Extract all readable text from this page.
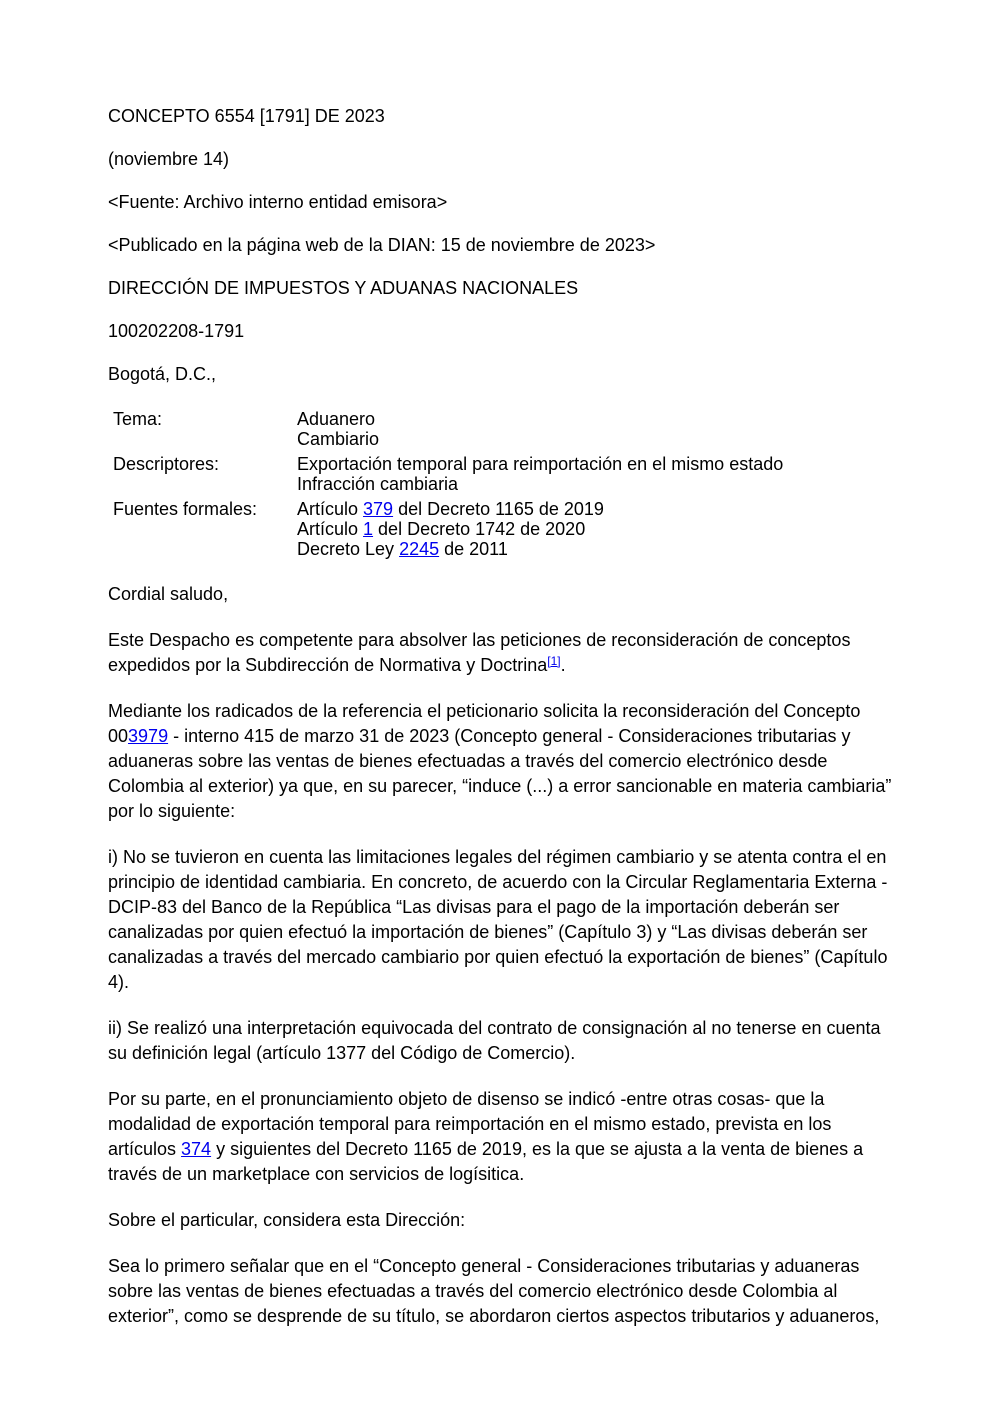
CONCEPTO 6554 [1791] DE 2023
(noviembre 14)
<Fuente: Archivo interno entidad emisora>
<Publicado en la página web de la DIAN: 15 de noviembre de 2023>
DIRECCIÓN DE IMPUESTOS Y ADUANAS NACIONALES
100202208-1791
Bogotá, D.C.,
Tema:	Aduanero
Cambiario

Descriptores:	Exportación temporal para reimportación en el mismo estado
Infracción cambiaria

Fuentes formales:	Artículo 379 del Decreto 1165 de 2019
Artículo 1 del Decreto 1742 de 2020
Decreto Ley 2245 de 2011

Cordial saludo,

Este Despacho es competente para absolver las peticiones de reconsideración de conceptos expedidos por la Subdirección de Normativa y Doctrina[1].

Mediante los radicados de la referencia el peticionario solicita la reconsideración del Concepto 003979 - interno 415 de marzo 31 de 2023 (Concepto general - Consideraciones tributarias y aduaneras sobre las ventas de bienes efectuadas a través del comercio electrónico desde Colombia al exterior) ya que, en su parecer, “induce (...) a error sancionable en materia cambiaria” por lo siguiente:

i) No se tuvieron en cuenta las limitaciones legales del régimen cambiario y se atenta contra el en principio de identidad cambiaria. En concreto, de acuerdo con la Circular Reglamentaria Externa - DCIP-83 del Banco de la República “Las divisas para el pago de la importación deberán ser canalizadas por quien efectuó la importación de bienes” (Capítulo 3) y “Las divisas deberán ser canalizadas a través del mercado cambiario por quien efectuó la exportación de bienes” (Capítulo 4).

ii) Se realizó una interpretación equivocada del contrato de consignación al no tenerse en cuenta su definición legal (artículo 1377 del Código de Comercio).

Por su parte, en el pronunciamiento objeto de disenso se indicó -entre otras cosas- que la modalidad de exportación temporal para reimportación en el mismo estado, prevista en los artículos 374 y siguientes del Decreto 1165 de 2019, es la que se ajusta a la venta de bienes a través de un marketplace con servicios de logísitica.

Sobre el particular, considera esta Dirección:

Sea lo primero señalar que en el “Concepto general - Consideraciones tributarias y aduaneras sobre las ventas de bienes efectuadas a través del comercio electrónico desde Colombia al exterior”, como se desprende de su título, se abordaron ciertos aspectos tributarios y aduaneros,
